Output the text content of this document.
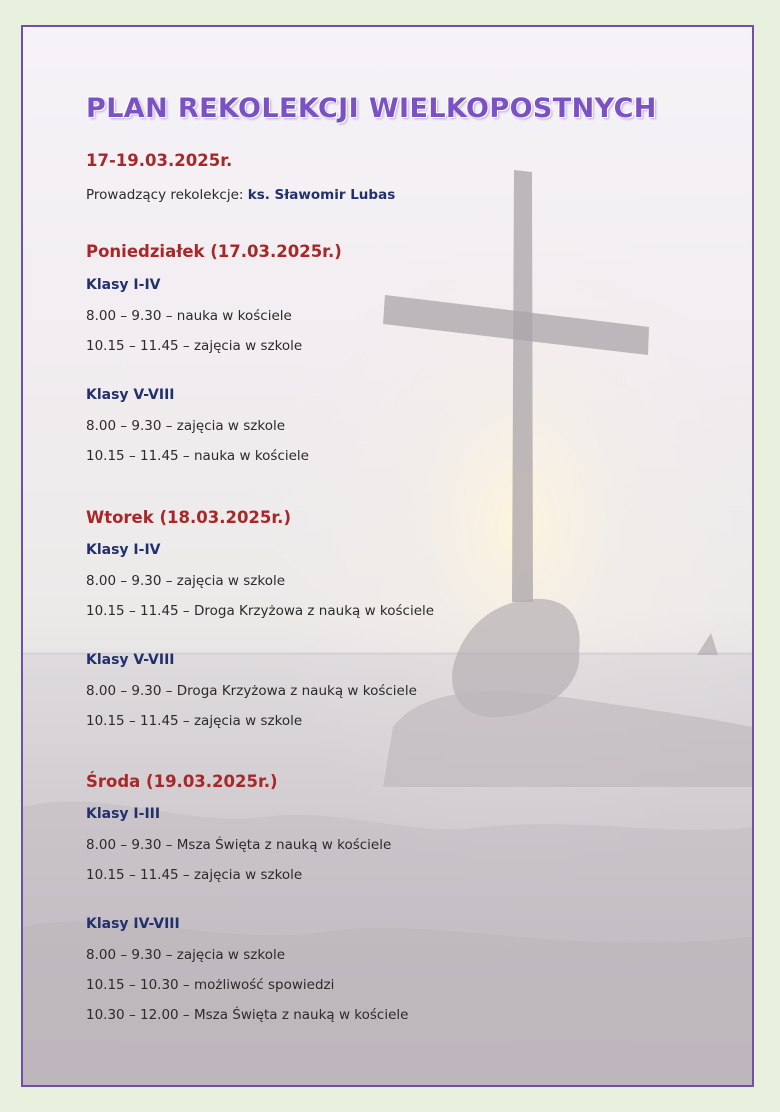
PLAN REKOLEKCJI WIELKOPOSTNYCH
17-19.03.2025r.
Prowadzący rekolekcje: ks. Sławomir Lubas
Poniedziałek (17.03.2025r.)
Klasy I-IV
8.00 – 9.30 – nauka w kościele
10.15 – 11.45 – zajęcia w szkole
Klasy V-VIII
8.00 – 9.30 – zajęcia w szkole
10.15 – 11.45 – nauka w kościele
Wtorek (18.03.2025r.)
Klasy I-IV
8.00 – 9.30 – zajęcia w szkole
10.15 – 11.45 – Droga Krzyżowa z nauką w kościele
Klasy V-VIII
8.00 – 9.30 – Droga Krzyżowa z nauką w kościele
10.15 – 11.45 – zajęcia w szkole
Środa (19.03.2025r.)
Klasy I-III
8.00 – 9.30 – Msza Święta z nauką w kościele
10.15 – 11.45 – zajęcia w szkole
Klasy IV-VIII
8.00 – 9.30 – zajęcia w szkole
10.15 – 10.30 – możliwość spowiedzi
10.30 – 12.00 – Msza Święta z nauką w kościele
